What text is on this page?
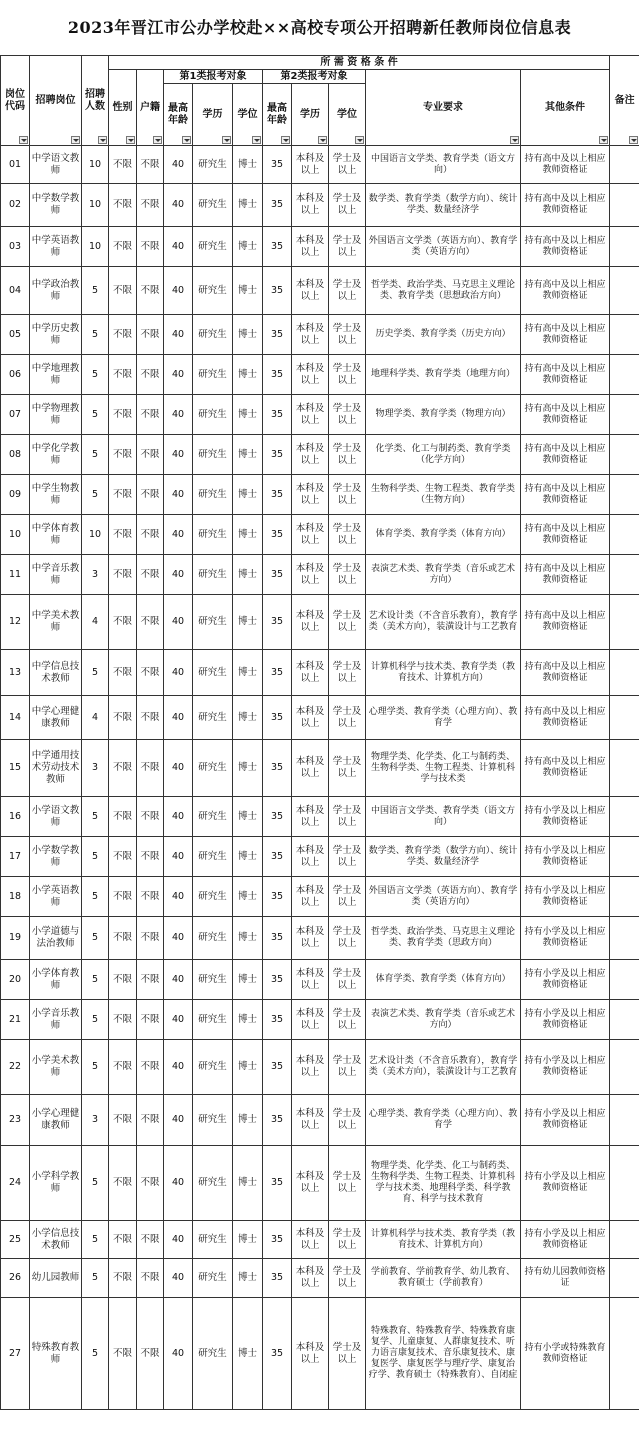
2023年晋江市公办学校赴××高校专项公开招聘新任教师岗位信息表
岗位代码	招聘岗位	招聘人数	所 需 资 格 条 件										备注

			性别	户籍	第1类报考对象			第2类报考对象			专业要求	其他条件	

					最高年龄	学历	学位	最高年龄	学历	学位			

01	中学语文教师	10	不限	不限	40	研究生	博士	35	本科及以上	学士及以上	中国语言文学类、教育学类（语文方向）	持有高中及以上相应教师资格证	
02	中学数学教师	10	不限	不限	40	研究生	博士	35	本科及以上	学士及以上	数学类、教育学类（数学方向）、统计学类、数量经济学	持有高中及以上相应教师资格证	
03	中学英语教师	10	不限	不限	40	研究生	博士	35	本科及以上	学士及以上	外国语言文学类（英语方向）、教育学类（英语方向）	持有高中及以上相应教师资格证	
04	中学政治教师	5	不限	不限	40	研究生	博士	35	本科及以上	学士及以上	哲学类、政治学类、马克思主义理论类、教育学类（思想政治方向）	持有高中及以上相应教师资格证	
05	中学历史教师	5	不限	不限	40	研究生	博士	35	本科及以上	学士及以上	历史学类、教育学类（历史方向）	持有高中及以上相应教师资格证	
06	中学地理教师	5	不限	不限	40	研究生	博士	35	本科及以上	学士及以上	地理科学类、教育学类（地理方向）	持有高中及以上相应教师资格证	
07	中学物理教师	5	不限	不限	40	研究生	博士	35	本科及以上	学士及以上	物理学类、教育学类（物理方向）	持有高中及以上相应教师资格证	
08	中学化学教师	5	不限	不限	40	研究生	博士	35	本科及以上	学士及以上	化学类、化工与制药类、教育学类（化学方向）	持有高中及以上相应教师资格证	
09	中学生物教师	5	不限	不限	40	研究生	博士	35	本科及以上	学士及以上	生物科学类、生物工程类、教育学类（生物方向）	持有高中及以上相应教师资格证	
10	中学体育教师	10	不限	不限	40	研究生	博士	35	本科及以上	学士及以上	体育学类、教育学类（体育方向）	持有高中及以上相应教师资格证	
11	中学音乐教师	3	不限	不限	40	研究生	博士	35	本科及以上	学士及以上	表演艺术类、教育学类（音乐或艺术方向）	持有高中及以上相应教师资格证	
12	中学美术教师	4	不限	不限	40	研究生	博士	35	本科及以上	学士及以上	艺术设计类（不含音乐教育），教育学类（美术方向），装潢设计与工艺教育	持有高中及以上相应教师资格证	
13	中学信息技术教师	5	不限	不限	40	研究生	博士	35	本科及以上	学士及以上	计算机科学与技术类、教育学类（教育技术、计算机方向）	持有高中及以上相应教师资格证	
14	中学心理健康教师	4	不限	不限	40	研究生	博士	35	本科及以上	学士及以上	心理学类、教育学类（心理方向）、教育学	持有高中及以上相应教师资格证	
15	中学通用技术劳动技术教师	3	不限	不限	40	研究生	博士	35	本科及以上	学士及以上	物理学类、化学类、化工与制药类、生物科学类、生物工程类、计算机科学与技术类	持有高中及以上相应教师资格证	
16	小学语文教师	5	不限	不限	40	研究生	博士	35	本科及以上	学士及以上	中国语言文学类、教育学类（语文方向）	持有小学及以上相应教师资格证	
17	小学数学教师	5	不限	不限	40	研究生	博士	35	本科及以上	学士及以上	数学类、教育学类（数学方向）、统计学类、数量经济学	持有小学及以上相应教师资格证	
18	小学英语教师	5	不限	不限	40	研究生	博士	35	本科及以上	学士及以上	外国语言文学类（英语方向）、教育学类（英语方向）	持有小学及以上相应教师资格证	
19	小学道德与法治教师	5	不限	不限	40	研究生	博士	35	本科及以上	学士及以上	哲学类、政治学类、马克思主义理论类、教育学类（思政方向）	持有小学及以上相应教师资格证	
20	小学体育教师	5	不限	不限	40	研究生	博士	35	本科及以上	学士及以上	体育学类、教育学类（体育方向）	持有小学及以上相应教师资格证	
21	小学音乐教师	5	不限	不限	40	研究生	博士	35	本科及以上	学士及以上	表演艺术类、教育学类（音乐或艺术方向）	持有小学及以上相应教师资格证	
22	小学美术教师	5	不限	不限	40	研究生	博士	35	本科及以上	学士及以上	艺术设计类（不含音乐教育），教育学类（美术方向），装潢设计与工艺教育	持有小学及以上相应教师资格证	
23	小学心理健康教师	3	不限	不限	40	研究生	博士	35	本科及以上	学士及以上	心理学类、教育学类（心理方向）、教育学	持有小学及以上相应教师资格证	
24	小学科学教师	5	不限	不限	40	研究生	博士	35	本科及以上	学士及以上	物理学类、化学类、化工与制药类、生物科学类、生物工程类、计算机科学与技术类、地理科学类、科学教育、科学与技术教育	持有小学及以上相应教师资格证	
25	小学信息技术教师	5	不限	不限	40	研究生	博士	35	本科及以上	学士及以上	计算机科学与技术类、教育学类（教育技术、计算机方向）	持有小学及以上相应教师资格证	
26	幼儿园教师	5	不限	不限	40	研究生	博士	35	本科及以上	学士及以上	学前教育、学前教育学、幼儿教育、教育硕士（学前教育）	持有幼儿园教师资格证	
27	特殊教育教师	5	不限	不限	40	研究生	博士	35	本科及以上	学士及以上	特殊教育、特殊教育学、特殊教育康复学、儿童康复、人群康复技术、听力语言康复技术、音乐康复技术、康复医学、康复医学与理疗学、康复治疗学、教育硕士（特殊教育）、自闭症	持有小学或特殊教育教师资格证	
